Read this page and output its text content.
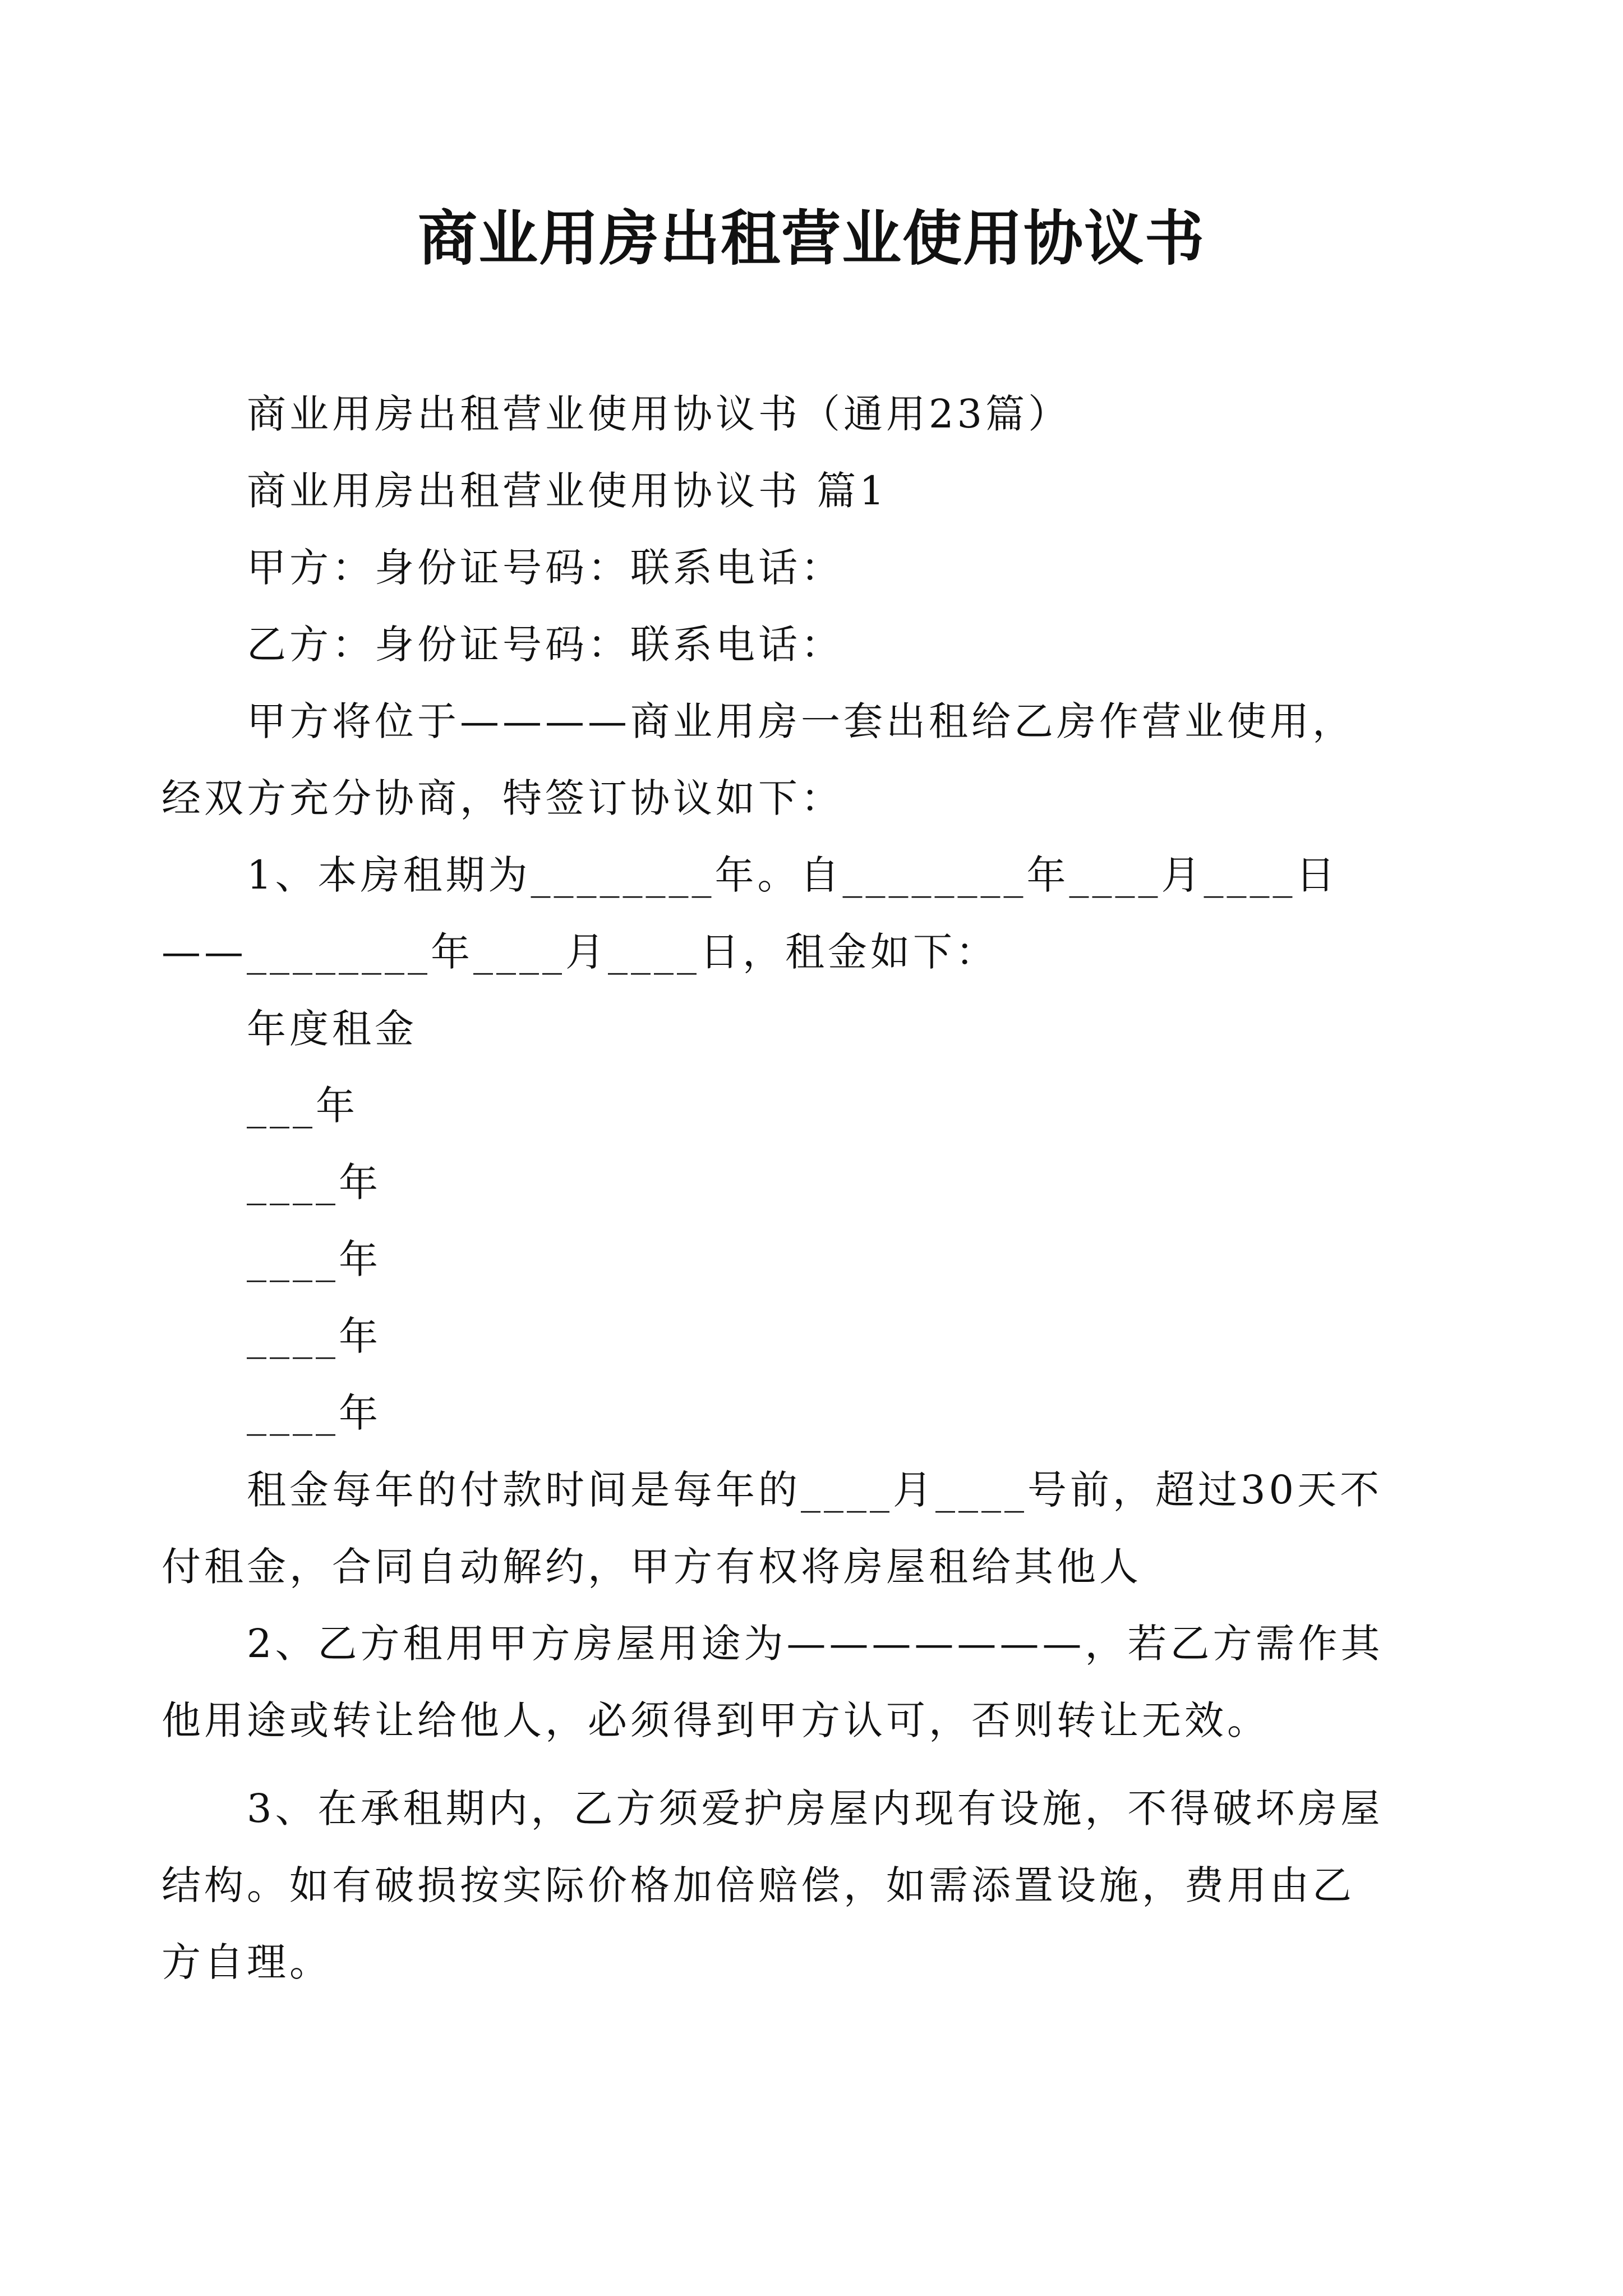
商业用房出租营业使用协议书

商业用房出租营业使用协议书（通用23篇）

商业用房出租营业使用协议书 篇1

甲方：身份证号码：联系电话：

乙方：身份证号码：联系电话：

甲方将位于————商业用房一套出租给乙房作营业使用，经双方充分协商，特签订协议如下：

1、本房租期为________年。自________年____月____日——________年____月____日，租金如下：

年度租金

___年

____年

____年

____年

____年

租金每年的付款时间是每年的____月____号前，超过30天不付租金，合同自动解约，甲方有权将房屋租给其他人

2、乙方租用甲方房屋用途为———————，若乙方需作其他用途或转让给他人，必须得到甲方认可，否则转让无效。

3、在承租期内，乙方须爱护房屋内现有设施，不得破坏房屋结构。如有破损按实际价格加倍赔偿，如需添置设施，费用由乙方自理。
